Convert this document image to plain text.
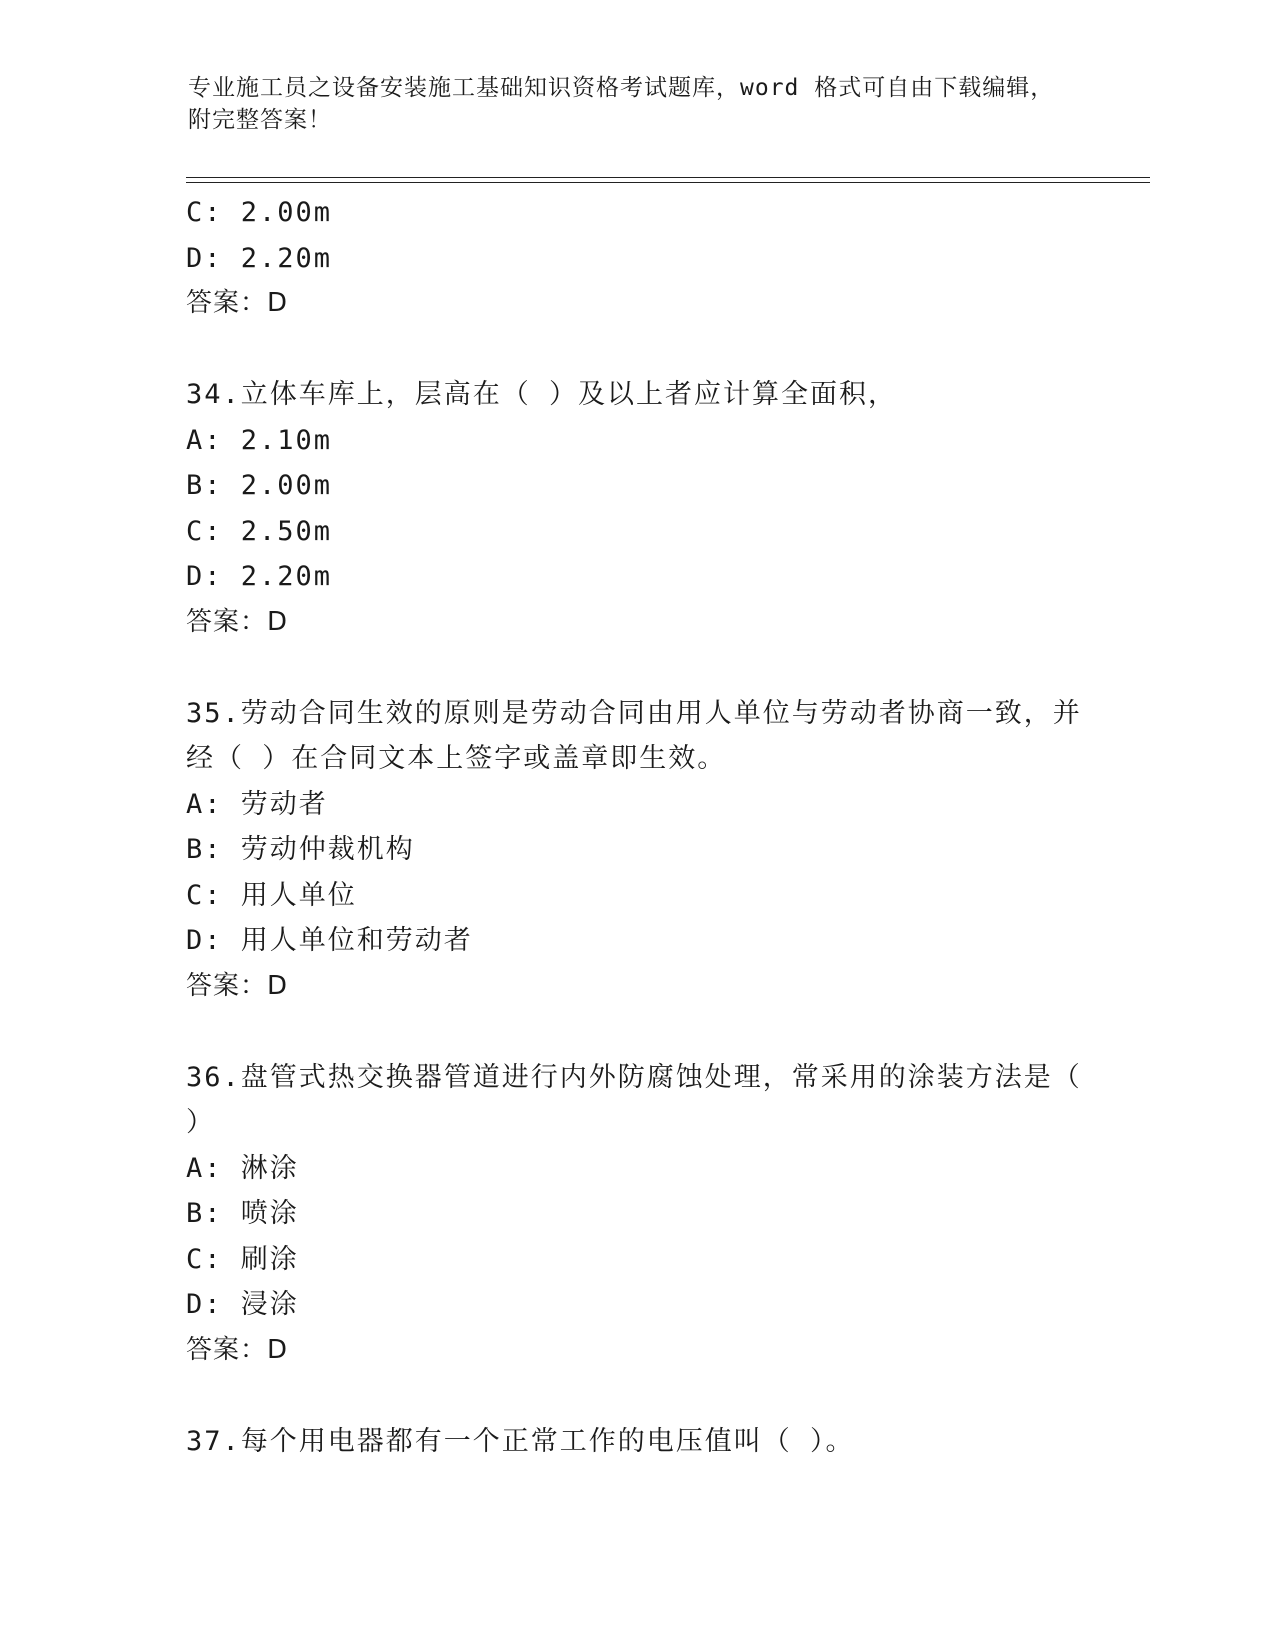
专业施工员之设备安装施工基础知识资格考试题库，word 格式可自由下载编辑，
附完整答案！
C: 2.00m
D: 2.20m
答案：D
34.立体车库上，层高在（ ）及以上者应计算全面积，
A: 2.10m
B: 2.00m
C: 2.50m
D: 2.20m
答案：D
35.劳动合同生效的原则是劳动合同由用人单位与劳动者协商一致，并
经（ ）在合同文本上签字或盖章即生效。
A: 劳动者
B: 劳动仲裁机构
C: 用人单位
D: 用人单位和劳动者
答案：D
36.盘管式热交换器管道进行内外防腐蚀处理，常采用的涂装方法是（
）
A: 淋涂
B: 喷涂
C: 刷涂
D: 浸涂
答案：D
37.每个用电器都有一个正常工作的电压值叫（ ）。
